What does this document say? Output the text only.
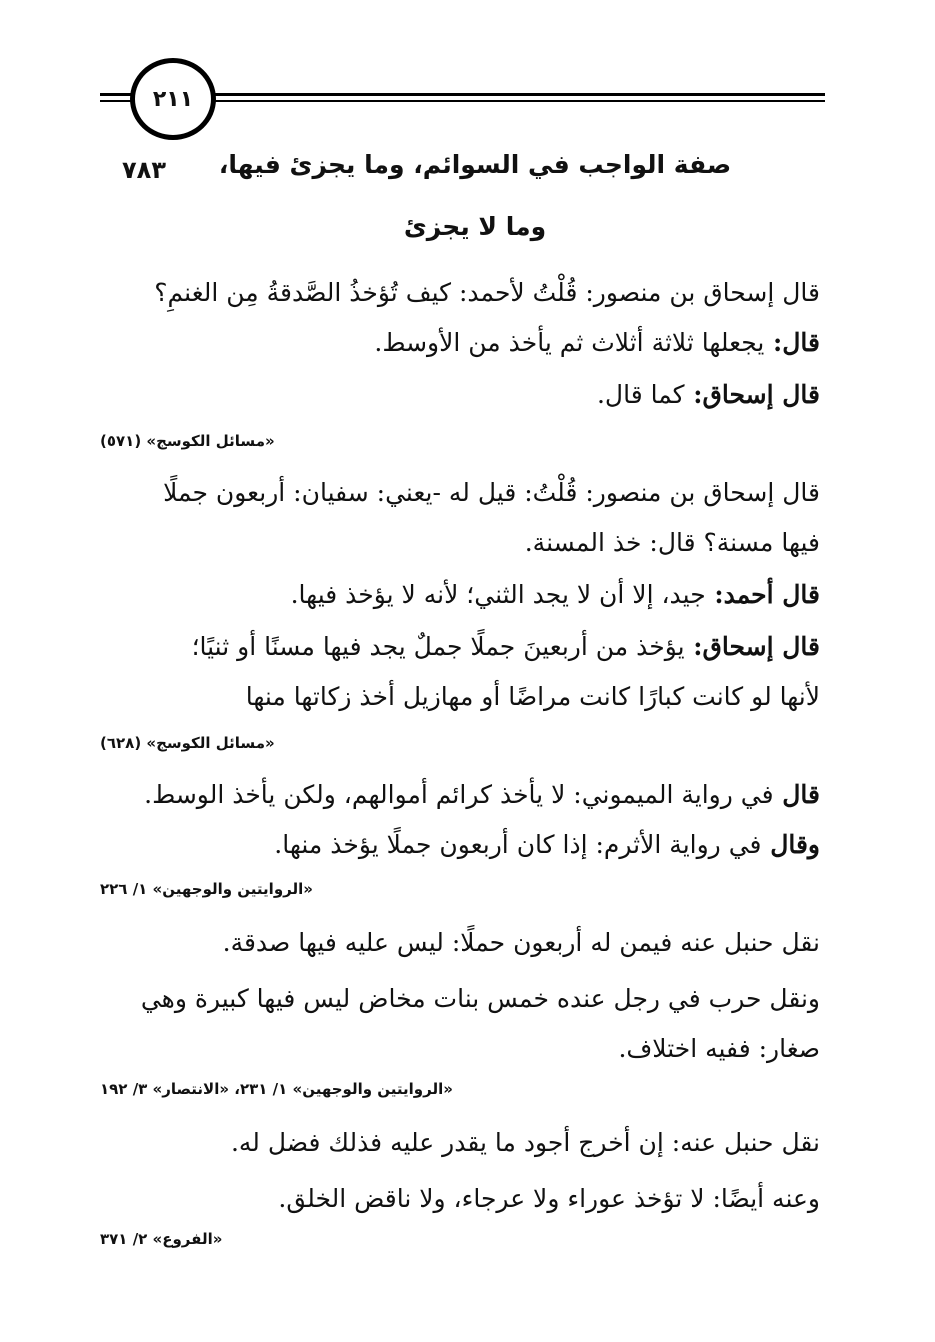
٢١١
٧٨٣	صفة الواجب في السوائم، وما يجزئ فيها،
وما لا يجزئ
قال إسحاق بن منصور: قُلْتُ لأحمد: كيف تُؤخذُ الصَّدقةُ مِن الغنمِ؟
قال: يجعلها ثلاثة أثلاث ثم يأخذ من الأوسط.
قال إسحاق: كما قال.
«مسائل الكوسج» (٥٧١)
قال إسحاق بن منصور: قُلْتُ: قيل له -يعني: سفيان: أربعون جملًا
فيها مسنة؟ قال: خذ المسنة.
قال أحمد: جيد، إلا أن لا يجد الثني؛ لأنه لا يؤخذ فيها.
قال إسحاق: يؤخذ من أربعينَ جملًا جملٌ يجد فيها مسنًا أو ثنيًا؛
لأنها لو كانت كبارًا كانت مراضًا أو مهازيل أخذ زكاتها منها
«مسائل الكوسج» (٦٢٨)
قال في رواية الميموني: لا يأخذ كرائم أموالهم، ولكن يأخذ الوسط.
وقال في رواية الأثرم: إذا كان أربعون جملًا يؤخذ منها.
«الروايتين والوجهين» ١/ ٢٢٦
نقل حنبل عنه فيمن له أربعون حملًا: ليس عليه فيها صدقة.
ونقل حرب في رجل عنده خمس بنات مخاض ليس فيها كبيرة وهي
صغار: ففيه اختلاف.
«الروايتين والوجهين» ١/ ٢٣١، «الانتصار» ٣/ ١٩٢
نقل حنبل عنه: إن أخرج أجود ما يقدر عليه فذلك فضل له.
وعنه أيضًا: لا تؤخذ عوراء ولا عرجاء، ولا ناقض الخلق.
«الفروع» ٢/ ٣٧١
